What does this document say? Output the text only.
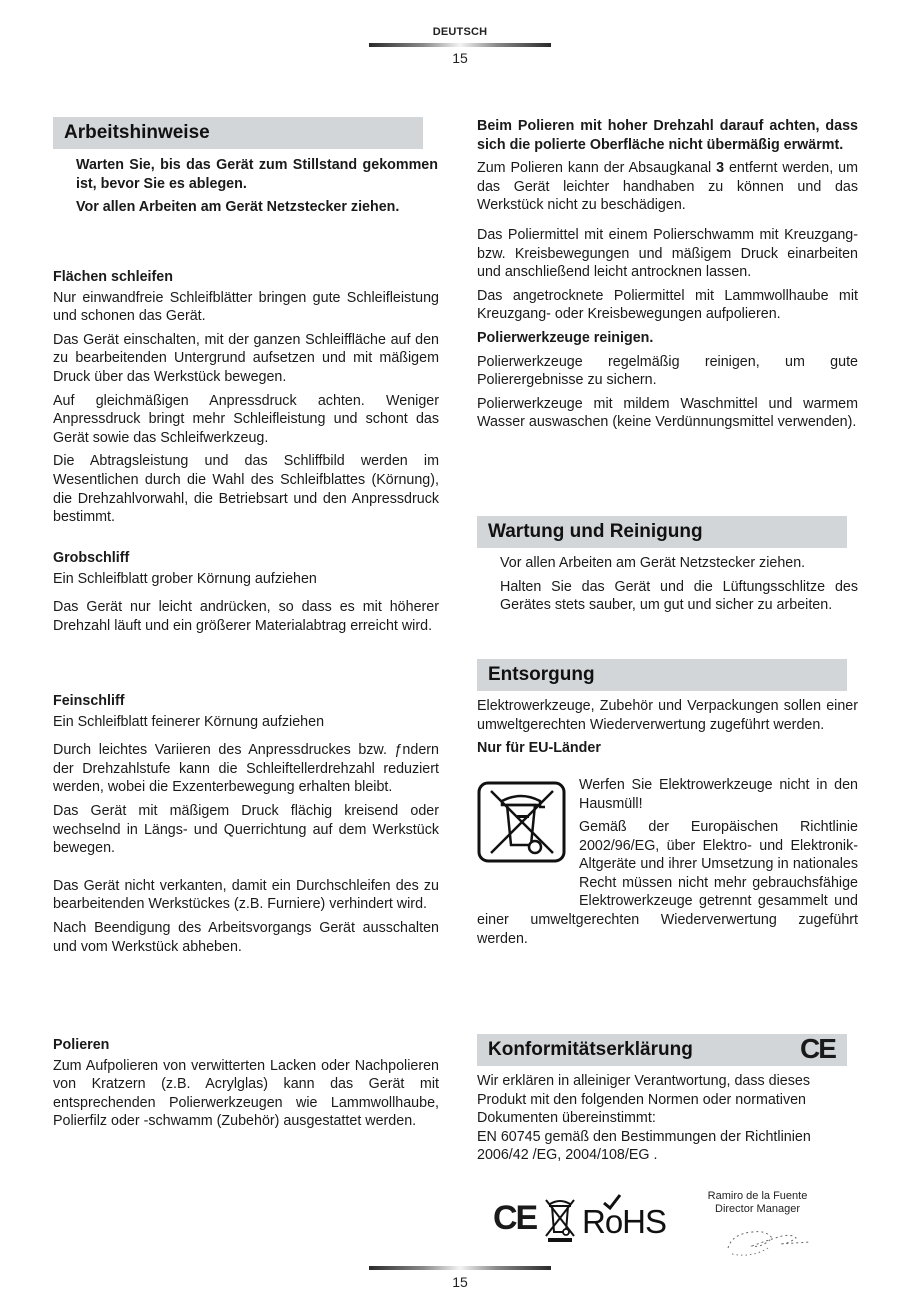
DEUTSCH
15
Arbeitshinweise

Warten Sie, bis das Gerät zum Stillstand gekommen ist, bevor Sie es ablegen.

Vor allen Arbeiten am Gerät Netzstecker ziehen.

Flächen schleifen

Nur einwandfreie Schleifblätter bringen gute Schleifleistung und schonen das Gerät.

Das Gerät einschalten, mit der ganzen Schleiffläche auf den zu bearbeitenden Untergrund aufsetzen und mit mäßigem Druck über das Werkstück bewegen.

Auf gleichmäßigen Anpressdruck achten. Weniger Anpressdruck bringt mehr Schleifleistung und schont das Gerät sowie das Schleifwerkzeug.

Die Abtragsleistung und das Schliffbild werden im Wesentlichen durch die Wahl des Schleifblattes (Körnung), die Drehzahlvorwahl, die Betriebsart und den Anpressdruck bestimmt.

Grobschliff

Ein Schleifblatt grober Körnung aufziehen

Das Gerät nur leicht andrücken, so dass es mit höherer Drehzahl läuft und ein größerer Materialabtrag erreicht wird.

Feinschliff

Ein Schleifblatt feinerer Körnung aufziehen

Durch leichtes Variieren des Anpressdruckes bzw. ƒndern der Drehzahlstufe kann die Schleiftellerdrehzahl reduziert werden, wobei die Exzenterbewegung erhalten bleibt.

Das Gerät mit mäßigem Druck flächig kreisend oder wechselnd in Längs- und Querrichtung auf dem Werkstück bewegen.

Das Gerät nicht verkanten, damit ein Durchschleifen des zu bearbeitenden Werkstückes (z.B. Furniere) verhindert wird.

Nach Beendigung des Arbeitsvorgangs Gerät ausschalten und vom Werkstück abheben.

Polieren

Zum Aufpolieren von verwitterten Lacken oder Nachpolieren von Kratzern (z.B. Acrylglas) kann das Gerät mit entsprechenden Polierwerkzeugen wie Lammwollhaube, Polierfilz oder -schwamm (Zubehör) ausgestattet werden.

Beim Polieren mit hoher Drehzahl darauf achten, dass sich die polierte Oberfläche nicht übermäßig erwärmt.

Zum Polieren kann der Absaugkanal 3 entfernt werden, um das Gerät leichter handhaben zu können und das Werkstück nicht zu beschädigen.

Das Poliermittel mit einem Polierschwamm mit Kreuzgang- bzw. Kreisbewegungen und mäßigem Druck einarbeiten und anschließend leicht antrocknen lassen.

Das angetrocknete Poliermittel mit Lammwollhaube mit Kreuzgang- oder Kreisbewegungen aufpolieren.

Polierwerkzeuge reinigen.

Polierwerkzeuge regelmäßig reinigen, um gute Polierergebnisse zu sichern.

Polierwerkzeuge mit mildem Waschmittel und warmem Wasser auswaschen (keine Verdünnungsmittel verwenden).

Wartung und Reinigung

Vor allen Arbeiten am Gerät Netzstecker ziehen.

Halten Sie das Gerät und die Lüftungsschlitze des Gerätes stets sauber, um gut und sicher zu arbeiten.

Entsorgung

Elektrowerkzeuge, Zubehör und Verpackungen sollen einer umweltgerechten Wiederverwertung zugeführt werden.

Nur für EU-Länder

Werfen Sie Elektrowerkzeuge nicht in den Hausmüll!

Gemäß der Europäischen Richtlinie 2002/96/EG, über Elektro- und Elektronik-Altgeräte und ihrer Umsetzung in nationales Recht müssen nicht mehr gebrauchsfähige Elektrowerkzeuge getrennt gesammelt und einer umweltgerechten Wiederverwertung zugeführt werden.

Konformitätserklärung	CE

Wir erklären in alleiniger Verantwortung, dass dieses Produkt mit den folgenden Normen oder normativen Dokumenten übereinstimmt:

EN 60745 gemäß den Bestimmungen der Richtlinien 2006/42 /EG, 2004/108/EG .

CE RoHS
Ramiro de la Fuente
Director Manager
15
